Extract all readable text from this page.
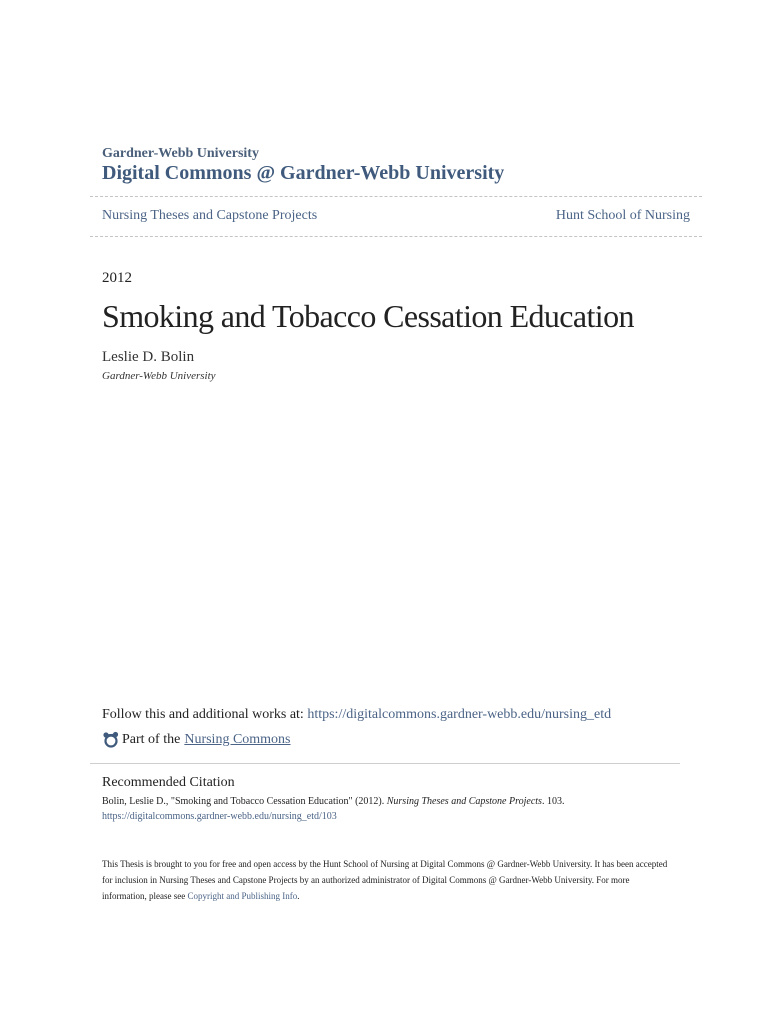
Gardner-Webb University
Digital Commons @ Gardner-Webb University
Nursing Theses and Capstone Projects	Hunt School of Nursing
2012
Smoking and Tobacco Cessation Education
Leslie D. Bolin
Gardner-Webb University
Follow this and additional works at: https://digitalcommons.gardner-webb.edu/nursing_etd
Part of the Nursing Commons
Recommended Citation
Bolin, Leslie D., "Smoking and Tobacco Cessation Education" (2012). Nursing Theses and Capstone Projects. 103.
https://digitalcommons.gardner-webb.edu/nursing_etd/103
This Thesis is brought to you for free and open access by the Hunt School of Nursing at Digital Commons @ Gardner-Webb University. It has been accepted for inclusion in Nursing Theses and Capstone Projects by an authorized administrator of Digital Commons @ Gardner-Webb University. For more information, please see Copyright and Publishing Info.
